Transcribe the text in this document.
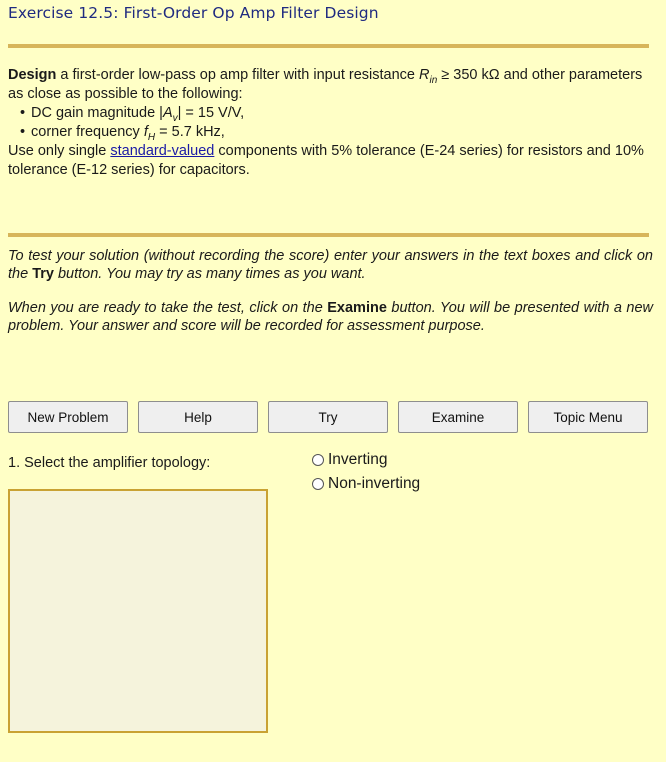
Exercise 12.5: First-Order Op Amp Filter Design

Design a first-order low-pass op amp filter with input resistance $R_{in} \ge 350$ kΩ and other parameters as close as possible to the following:

• DC gain magnitude $|A_v| = 15$ V/V,
• corner frequency $f_H = 5.7$ kHz,

Use only single standard-valued components with 5% tolerance (E-24 series) for resistors and 10% tolerance (E-12 series) for capacitors.

To test your solution (without recording the score) enter your answers in the text boxes and click on the Try button. You may try as many times as you want.
When you are ready to take the test, click on the Examine button. You will be presented with a new problem. Your answer and score will be recorded for assessment purpose.
New Problem	Help	Try	Examine	Topic Menu
1. Select the amplifier topology:	Inverting
Non-inverting
